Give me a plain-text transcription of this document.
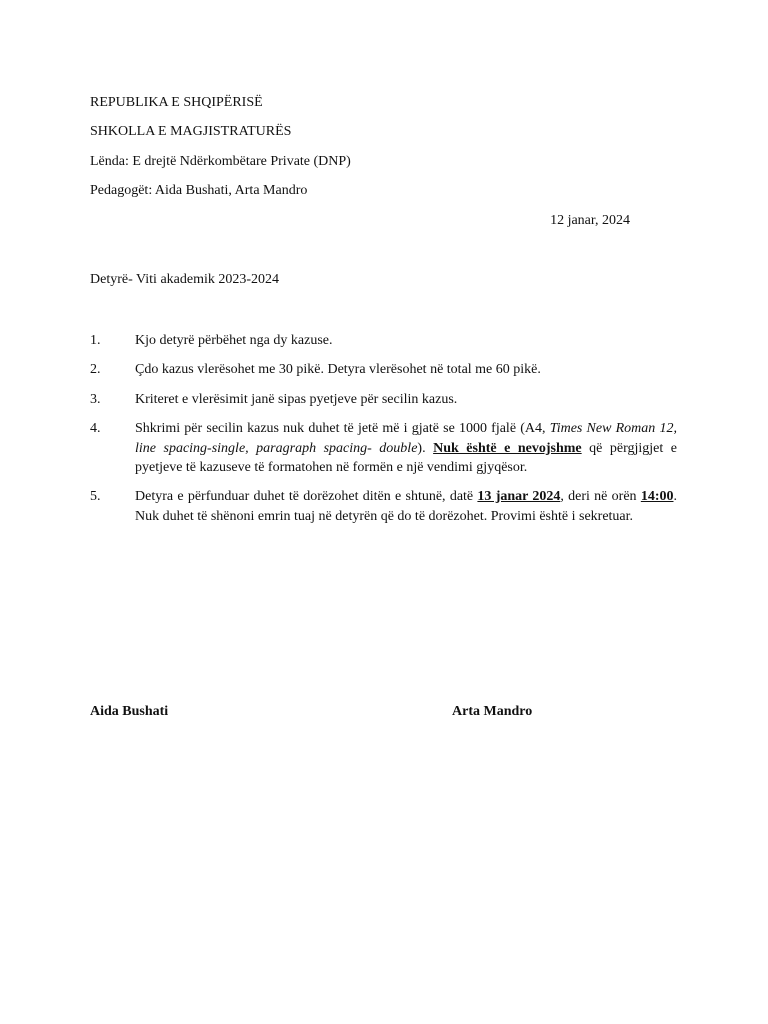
REPUBLIKA E SHQIPËRISË
SHKOLLA E MAGJISTRATURËS
Lënda: E drejtë Ndërkombëtare Private (DNP)
Pedagogët: Aida Bushati, Arta Mandro
12 janar, 2024
Detyrë- Viti akademik 2023-2024
1. Kjo detyrë përbëhet nga dy kazuse.
2. Çdo kazus vlerësohet me 30 pikë. Detyra vlerësohet në total me 60 pikë.
3. Kriteret e vlerësimit janë sipas pyetjeve për secilin kazus.
4. Shkrimi për secilin kazus nuk duhet të jetë më i gjatë se 1000 fjalë (A4, Times New Roman 12, line spacing-single, paragraph spacing- double). Nuk është e nevojshme që përgjigjet e pyetjeve të kazuseve të formatohen në formën e një vendimi gjyqësor.
5. Detyra e përfunduar duhet të dorëzohet ditën e shtunë, datë 13 janar 2024, deri në orën 14:00. Nuk duhet të shënoni emrin tuaj në detyrën që do të dorëzohet. Provimi është i sekretuar.
Aida Bushati	Arta Mandro
